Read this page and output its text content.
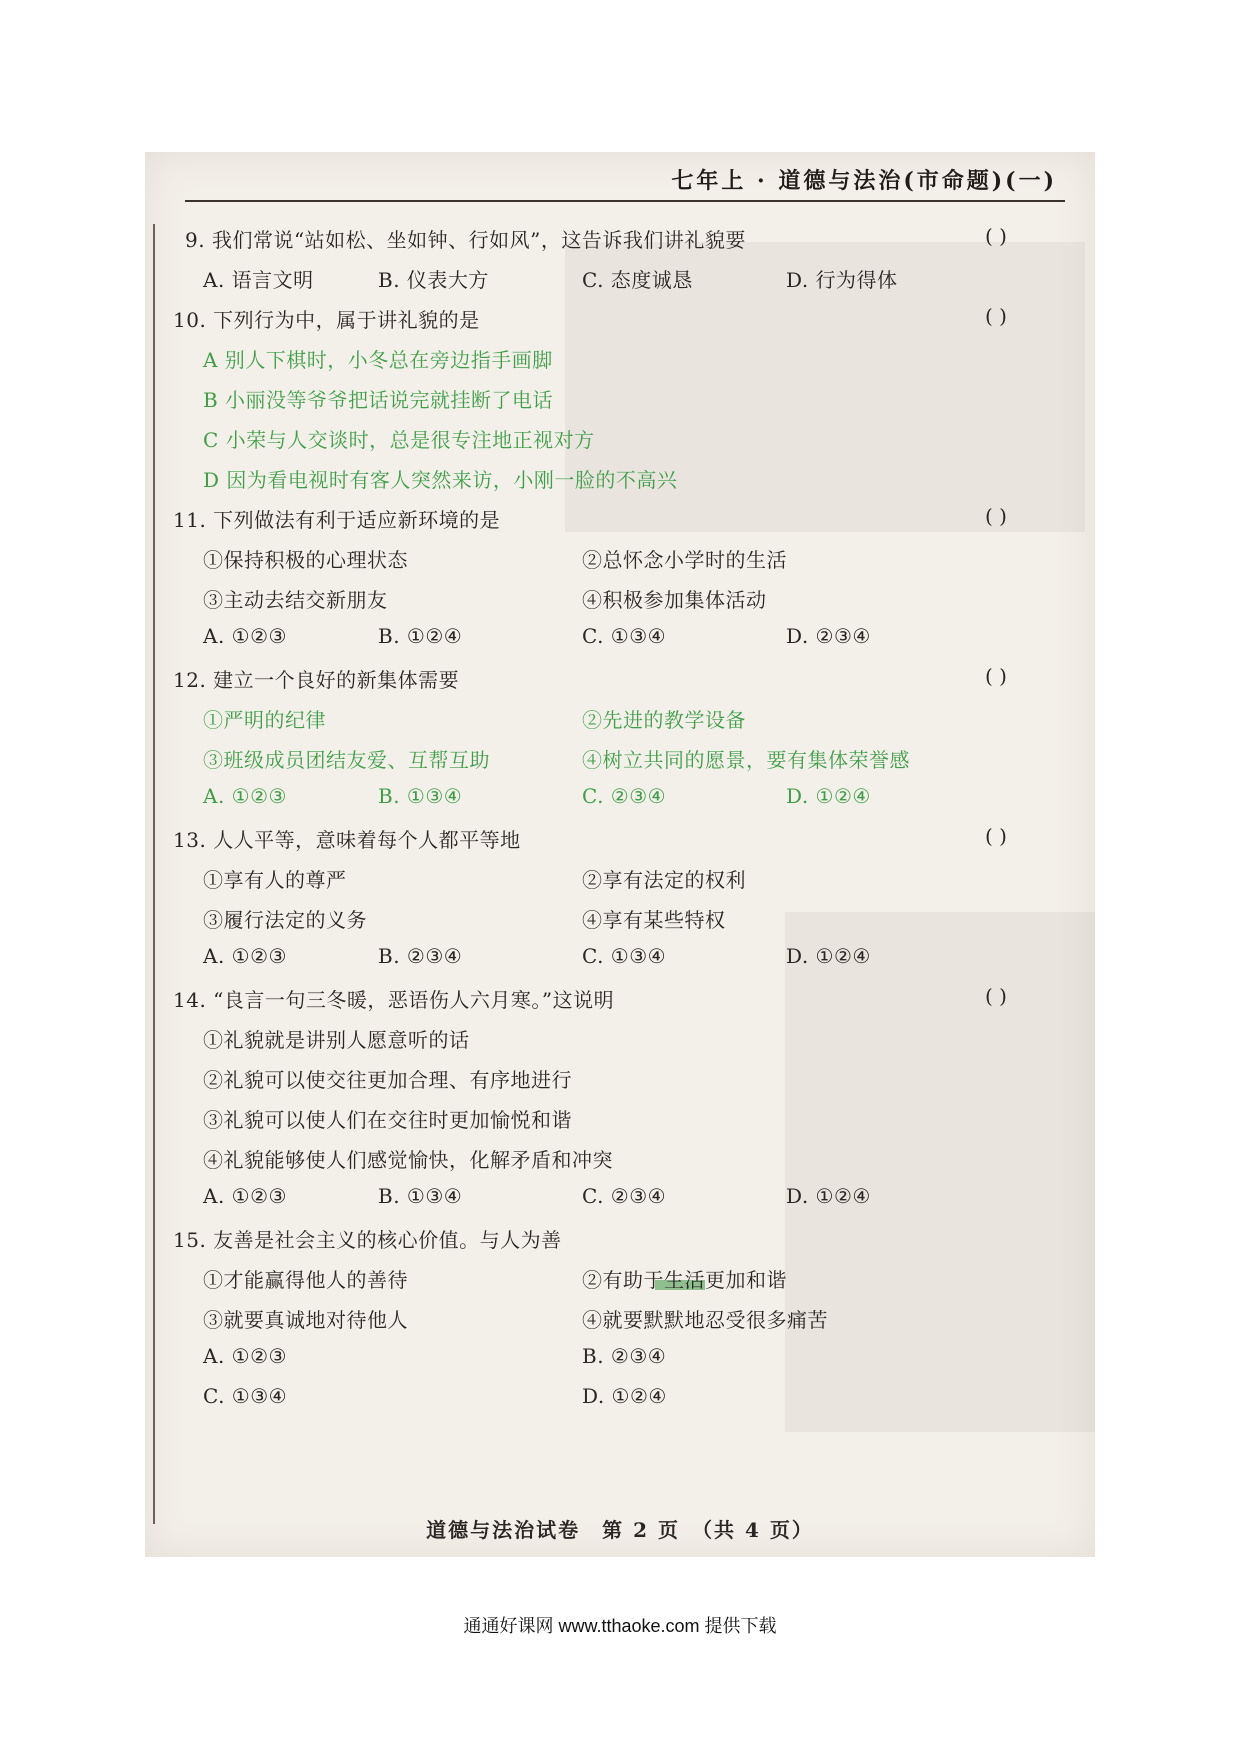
七年上 · 道德与法治(市命题)(一)
9. 我们常说“站如松、坐如钟、行如风”，这告诉我们讲礼貌要	( )
A. 语言文明	B. 仪表大方	C. 态度诚恳	D. 行为得体
10. 下列行为中，属于讲礼貌的是	( )
A 别人下棋时，小冬总在旁边指手画脚
B 小丽没等爷爷把话说完就挂断了电话
C 小荣与人交谈时，总是很专注地正视对方
D 因为看电视时有客人突然来访，小刚一脸的不高兴
11. 下列做法有利于适应新环境的是	( )
①保持积极的心理状态	②总怀念小学时的生活
③主动去结交新朋友	④积极参加集体活动
A. ①②③	B. ①②④	C. ①③④	D. ②③④
12. 建立一个良好的新集体需要	( )
①严明的纪律	②先进的教学设备
③班级成员团结友爱、互帮互助	④树立共同的愿景，要有集体荣誉感
A. ①②③	B. ①③④	C. ②③④	D. ①②④
13. 人人平等，意味着每个人都平等地	( )
①享有人的尊严	②享有法定的权利
③履行法定的义务	④享有某些特权
A. ①②③	B. ②③④	C. ①③④	D. ①②④
14. “良言一句三冬暖，恶语伤人六月寒。”这说明	( )
①礼貌就是讲别人愿意听的话
②礼貌可以使交往更加合理、有序地进行
③礼貌可以使人们在交往时更加愉悦和谐
④礼貌能够使人们感觉愉快，化解矛盾和冲突
A. ①②③	B. ①③④	C. ②③④	D. ①②④
15. 友善是社会主义的核心价值。与人为善
①才能赢得他人的善待	②有助于生活更加和谐
③就要真诚地对待他人	④就要默默地忍受很多痛苦
A. ①②③	B. ②③④
C. ①③④	D. ①②④
道德与法治试卷　第 2 页　（共 4 页）
通通好课网 www.tthaoke.com 提供下载
